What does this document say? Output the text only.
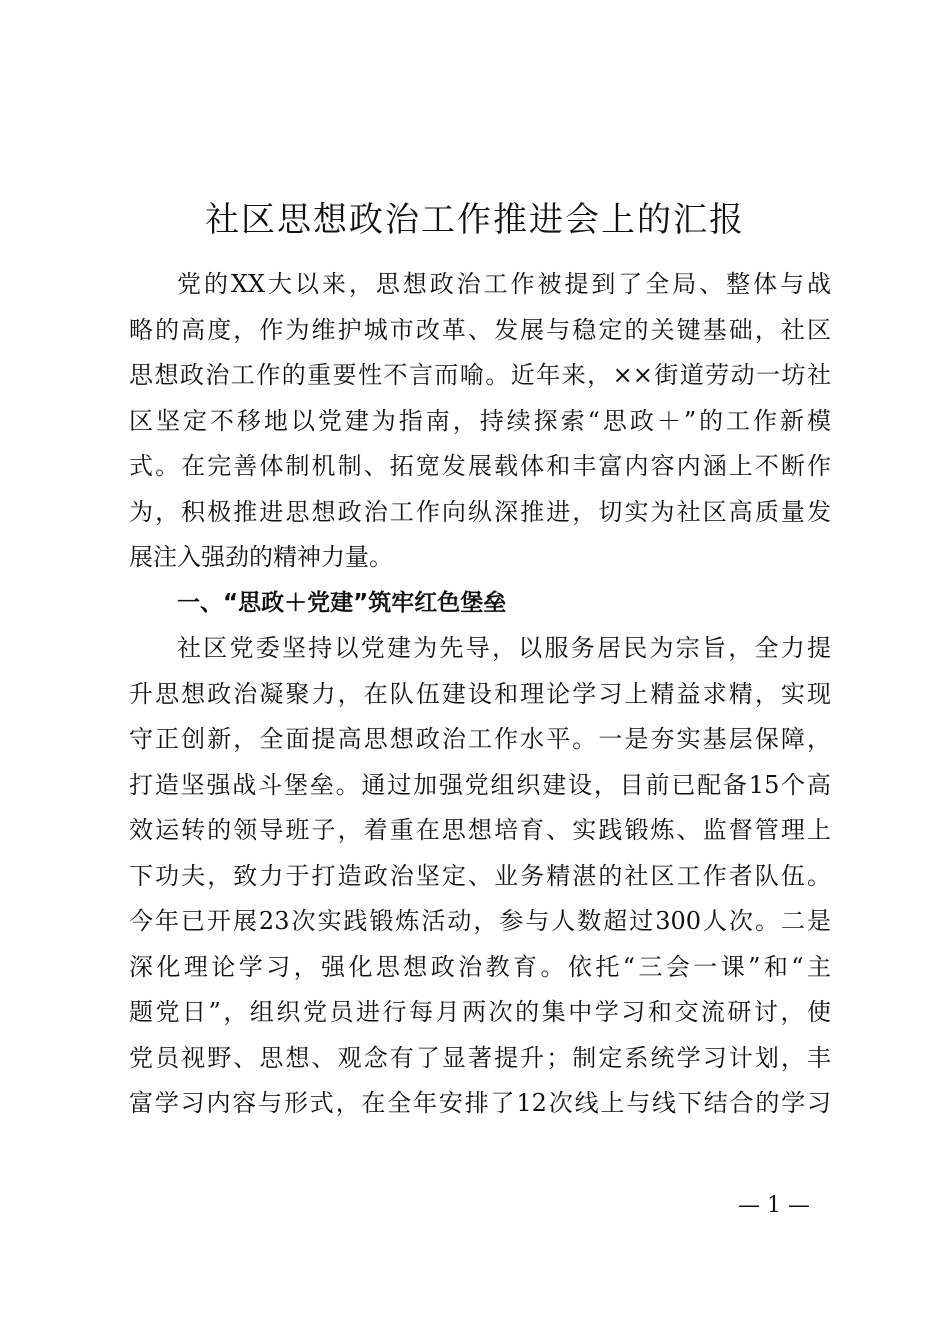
社区思想政治工作推进会上的汇报
党的XX大以来，思想政治工作被提到了全局、整体与战
略的高度，作为维护城市改革、发展与稳定的关键基础，社区
思想政治工作的重要性不言而喻。近年来，××街道劳动一坊社
区坚定不移地以党建为指南，持续探索“思政＋”的工作新模
式。在完善体制机制、拓宽发展载体和丰富内容内涵上不断作
为，积极推进思想政治工作向纵深推进，切实为社区高质量发
展注入强劲的精神力量。
一、“思政＋党建”筑牢红色堡垒
社区党委坚持以党建为先导，以服务居民为宗旨，全力提
升思想政治凝聚力，在队伍建设和理论学习上精益求精，实现
守正创新，全面提高思想政治工作水平。一是夯实基层保障，
打造坚强战斗堡垒。通过加强党组织建设，目前已配备15个高
效运转的领导班子，着重在思想培育、实践锻炼、监督管理上
下功夫，致力于打造政治坚定、业务精湛的社区工作者队伍。
今年已开展23次实践锻炼活动，参与人数超过300人次。二是
深化理论学习，强化思想政治教育。依托“三会一课”和“主
题党日”，组织党员进行每月两次的集中学习和交流研讨，使
党员视野、思想、观念有了显著提升；制定系统学习计划，丰
富学习内容与形式，在全年安排了12次线上与线下结合的学习
— 1 —
